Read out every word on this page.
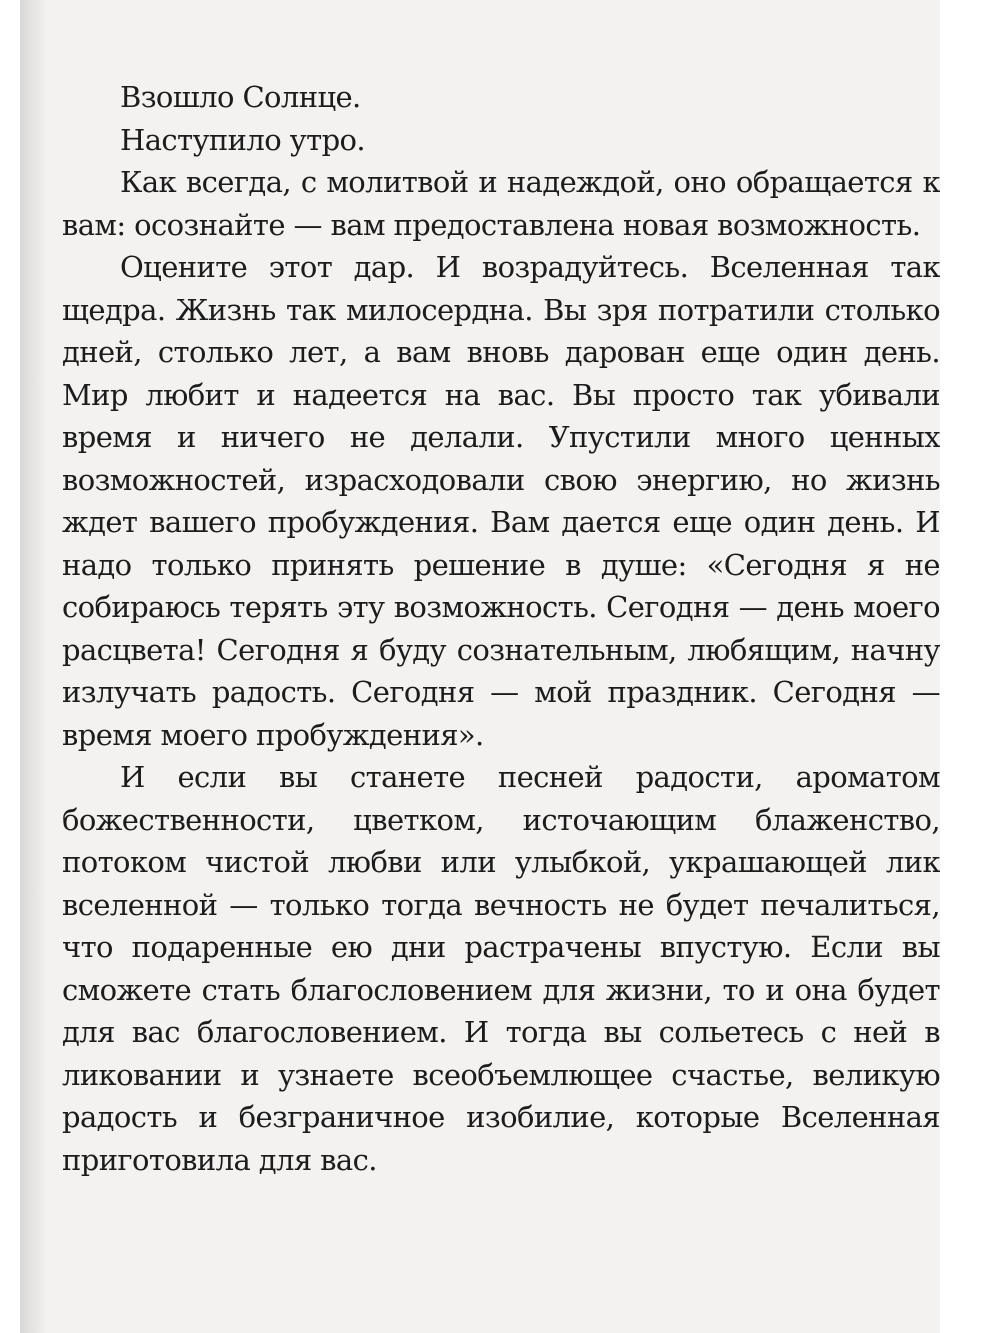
Взошло Солнце.

Наступило утро.

Как всегда, с молитвой и надеждой, оно обращается к вам: осознайте — вам предоставлена новая возможность.

Оцените этот дар. И возрадуйтесь. Вселенная так щедра. Жизнь так милосердна. Вы зря потратили столько дней, столько лет, а вам вновь дарован еще один день. Мир любит и надеется на вас. Вы просто так убивали время и ничего не делали. Упустили много ценных возможностей, израсходовали свою энергию, но жизнь ждет вашего пробуждения. Вам дается еще один день. И надо только принять решение в душе: «Сегодня я не собираюсь терять эту возможность. Сегодня — день моего расцвета! Сегодня я буду сознательным, любящим, начну излучать радость. Сегодня — мой праздник. Сегодня — время моего пробуждения».

И если вы станете песней радости, ароматом божественности, цветком, источающим блаженство, потоком чистой любви или улыбкой, украшающей лик вселенной — только тогда вечность не будет печалиться, что подаренные ею дни растрачены впустую. Если вы сможете стать благословением для жизни, то и она будет для вас благословением. И тогда вы сольетесь с ней в ликовании и узнаете всеобъемлющее счастье, великую радость и безграничное изобилие, которые Вселенная приготовила для вас.
